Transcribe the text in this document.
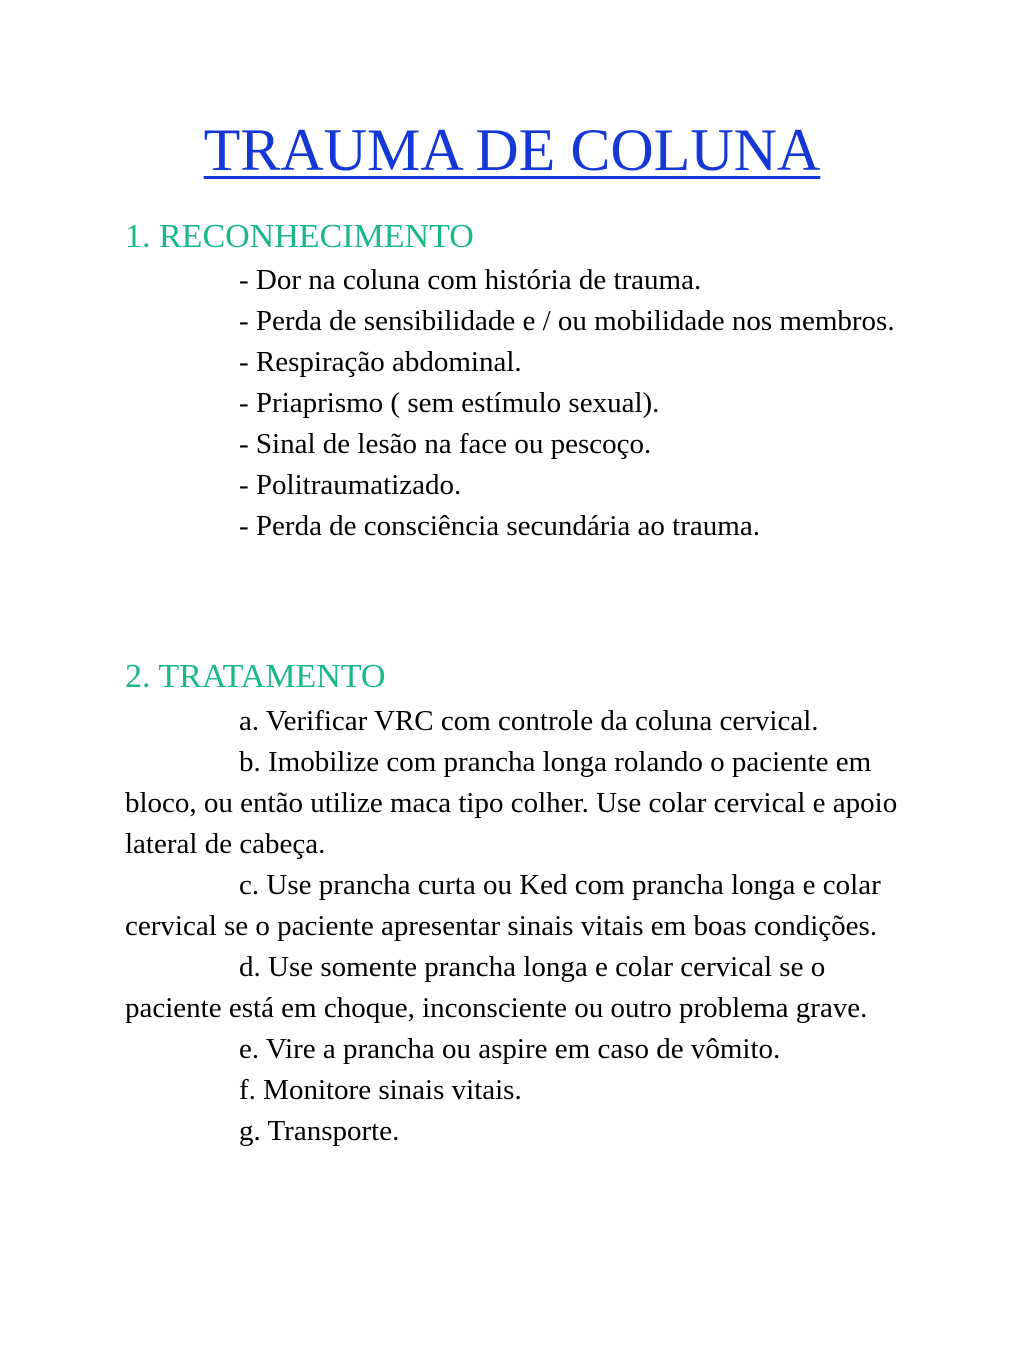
TRAUMA DE COLUNA
1. RECONHECIMENTO
- Dor na coluna com história de trauma.
- Perda de sensibilidade e / ou mobilidade nos membros.
- Respiração abdominal.
- Priaprismo ( sem estímulo sexual).
- Sinal de lesão na face ou pescoço.
- Politraumatizado.
- Perda de consciência secundária ao trauma.
2. TRATAMENTO
a. Verificar VRC com controle da coluna cervical.
b. Imobilize com prancha longa rolando o paciente em bloco, ou então utilize maca tipo colher. Use colar cervical e apoio lateral de cabeça.
c. Use prancha curta ou Ked com prancha longa e colar cervical se o paciente apresentar sinais vitais em boas condições.
d. Use somente prancha longa e colar cervical se o paciente está em choque, inconsciente ou outro problema grave.
e. Vire a prancha ou aspire em caso de vômito.
f. Monitore sinais vitais.
g. Transporte.
